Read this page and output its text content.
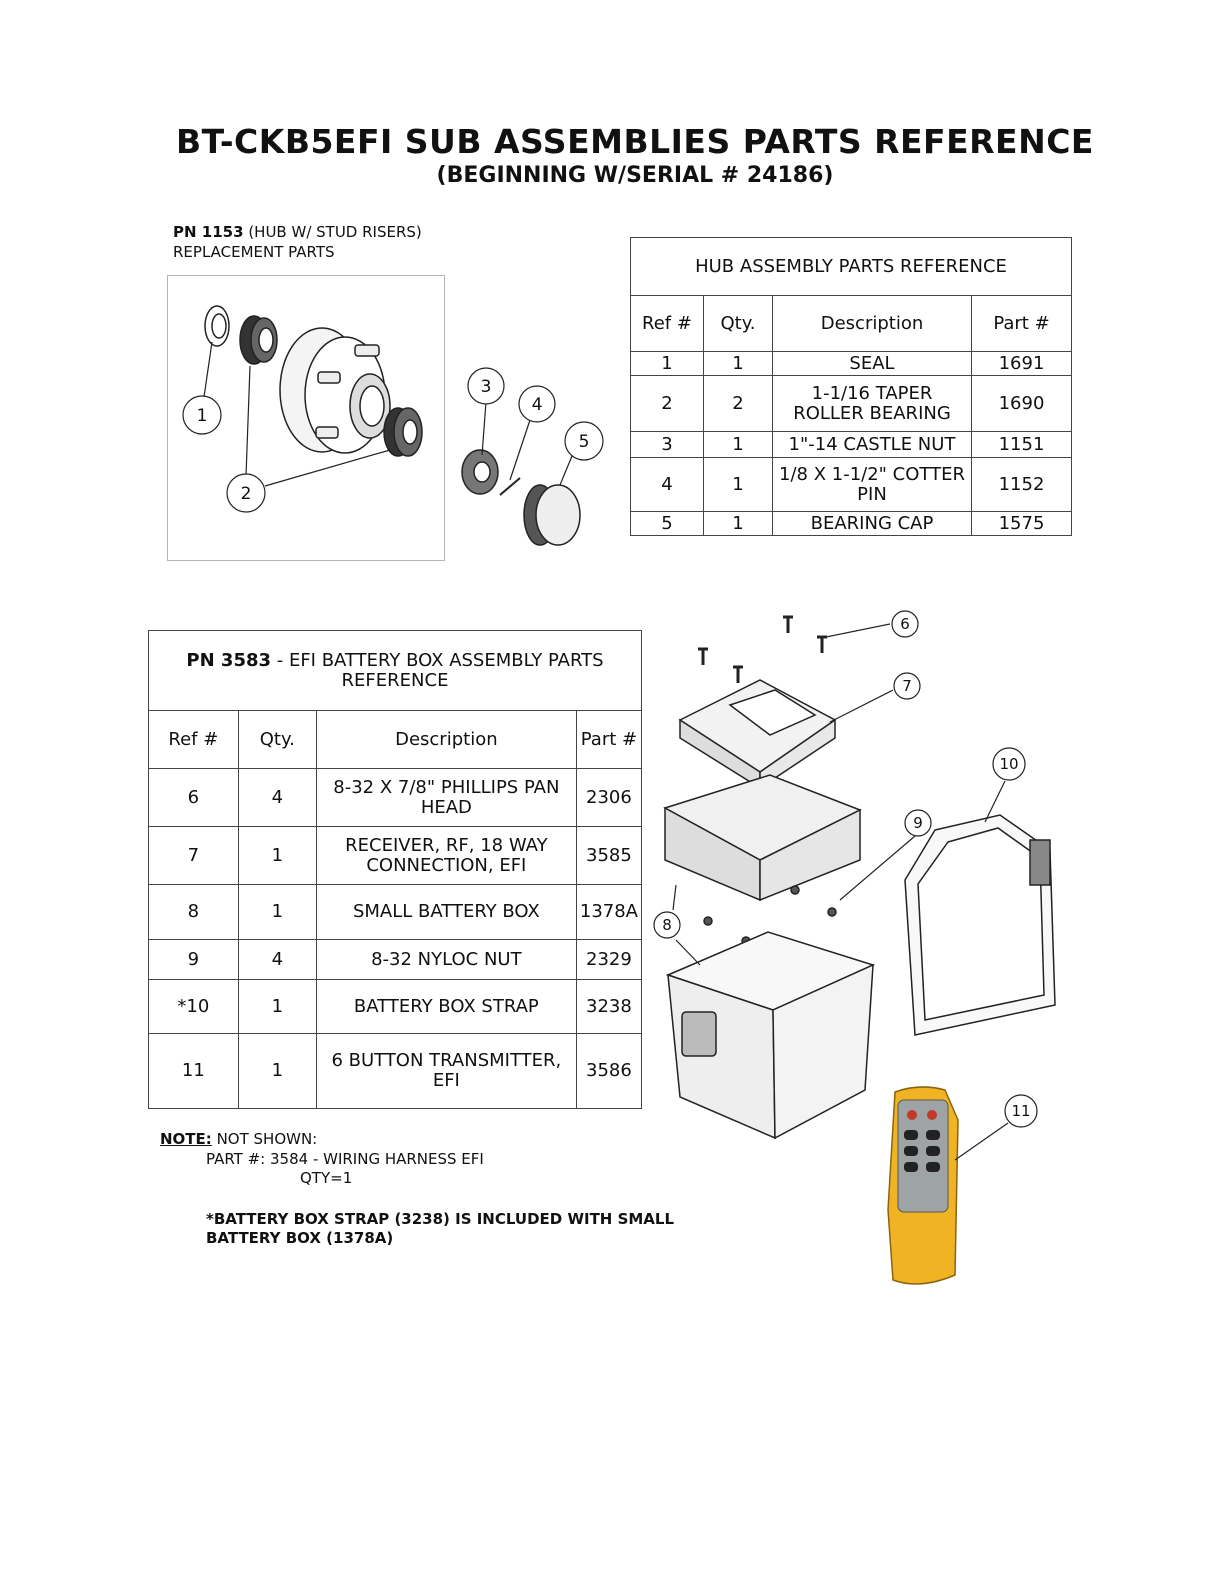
BT-CKB5EFI SUB ASSEMBLIES PARTS REFERENCE
(BEGINNING W/SERIAL # 24186)
PN 1153 (HUB W/ STUD RISERS)
REPLACEMENT PARTS
1
2
3
4
5
6
7
8
9
10
11
HUB ASSEMBLY PARTS REFERENCE			
Ref #	Qty.	Description	Part #
1	1	SEAL	1691
2	2	1-1/16 TAPER ROLLER BEARING	1690
3	1	1"-14 CASTLE NUT	1151
4	1	1/8 X 1-1/2" COTTER PIN	1152
5	1	BEARING CAP	1575
PN 3583 - EFI BATTERY BOX ASSEMBLY PARTS REFERENCE			
Ref #	Qty.	Description	Part #
6	4	8-32 X 7/8" PHILLIPS PAN HEAD	2306
7	1	RECEIVER, RF, 18 WAY CONNECTION, EFI	3585
8	1	SMALL BATTERY BOX	1378A
9	4	8-32 NYLOC NUT	2329
*10	1	BATTERY BOX STRAP	3238
11	1	6 BUTTON TRANSMITTER, EFI	3586
NOTE: NOT SHOWN:
PART #: 3584 - WIRING HARNESS EFI
QTY=1
*BATTERY BOX STRAP (3238) IS INCLUDED WITH SMALL BATTERY BOX (1378A)
